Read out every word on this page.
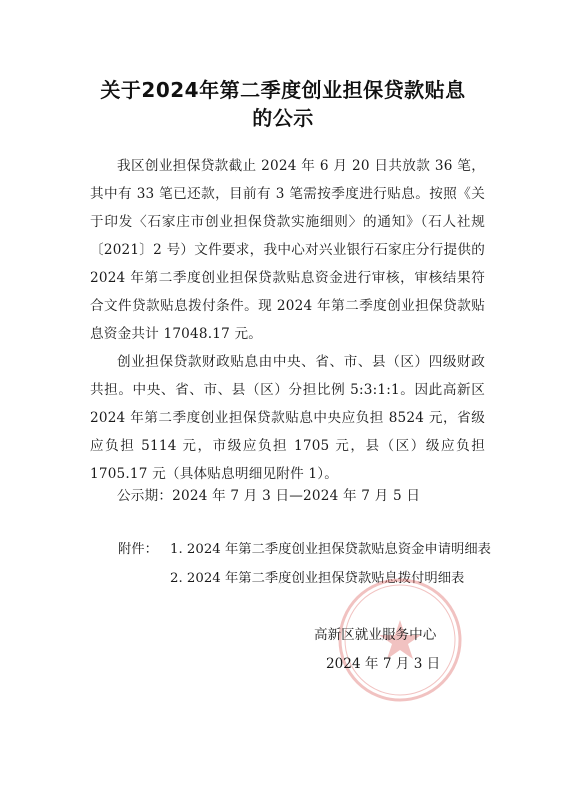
关于2024年第二季度创业担保贷款贴息
的公示
我区创业担保贷款截止 2024 年 6 月 20 日共放款 36 笔，其中有 33 笔已还款，目前有 3 笔需按季度进行贴息。按照《关于印发〈石家庄市创业担保贷款实施细则〉的通知》（石人社规〔2021〕2 号）文件要求，我中心对兴业银行石家庄分行提供的 2024 年第二季度创业担保贷款贴息资金进行审核，审核结果符合文件贷款贴息拨付条件。现 2024 年第二季度创业担保贷款贴息资金共计 17048.17 元。
创业担保贷款财政贴息由中央、省、市、县（区）四级财政共担。中央、省、市、县（区）分担比例 5:3:1:1。因此高新区 2024 年第二季度创业担保贷款贴息中央应负担 8524 元，省级应负担 5114 元，市级应负担 1705 元，县（区）级应负担 1705.17 元（具体贴息明细见附件 1）。
公示期：2024 年 7 月 3 日—2024 年 7 月 5 日
附件： 1. 2024 年第二季度创业担保贷款贴息资金申请明细表
2. 2024 年第二季度创业担保贷款贴息拨付明细表
高新区就业服务中心
2024 年 7 月 3 日
